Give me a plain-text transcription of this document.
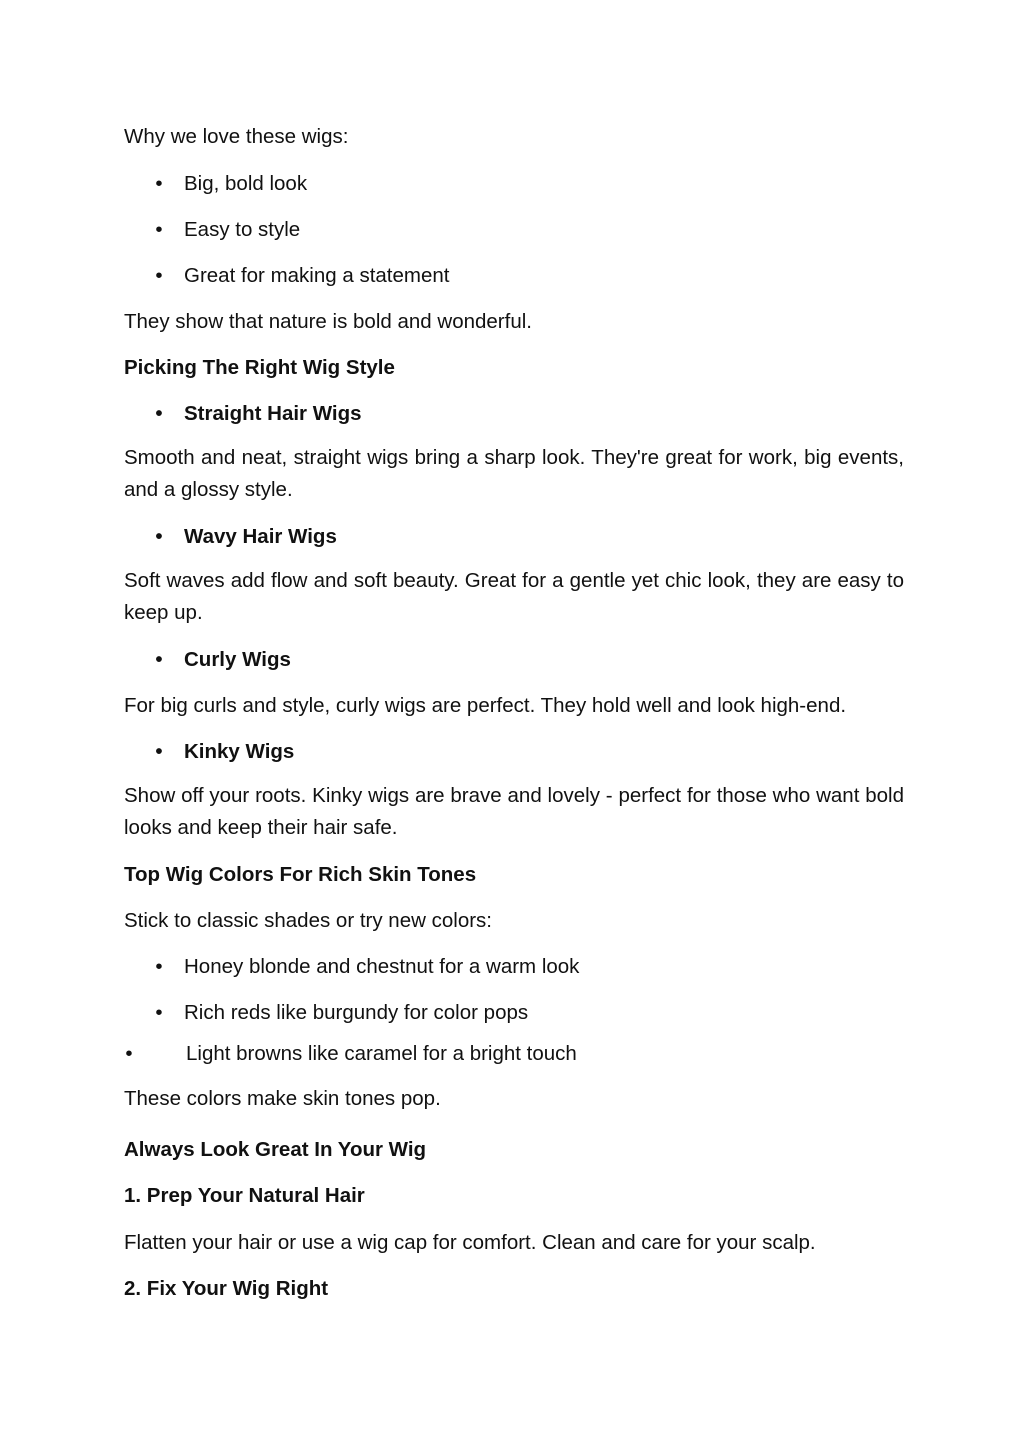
Why we love these wigs:

• Big, bold look
• Easy to style
• Great for making a statement

They show that nature is bold and wonderful.

Picking The Right Wig Style

• Straight Hair Wigs

Smooth and neat, straight wigs bring a sharp look. They're great for work, big events, and a glossy style.

• Wavy Hair Wigs

Soft waves add flow and soft beauty. Great for a gentle yet chic look, they are easy to keep up.

• Curly Wigs

For big curls and style, curly wigs are perfect. They hold well and look high-end.

• Kinky Wigs

Show off your roots. Kinky wigs are brave and lovely - perfect for those who want bold looks and keep their hair safe.

Top Wig Colors For Rich Skin Tones

Stick to classic shades or try new colors:

• Honey blonde and chestnut for a warm look
• Rich reds like burgundy for color pops
•	Light browns like caramel for a bright touch

These colors make skin tones pop.

Always Look Great In Your Wig

1. Prep Your Natural Hair

Flatten your hair or use a wig cap for comfort. Clean and care for your scalp.

2. Fix Your Wig Right
